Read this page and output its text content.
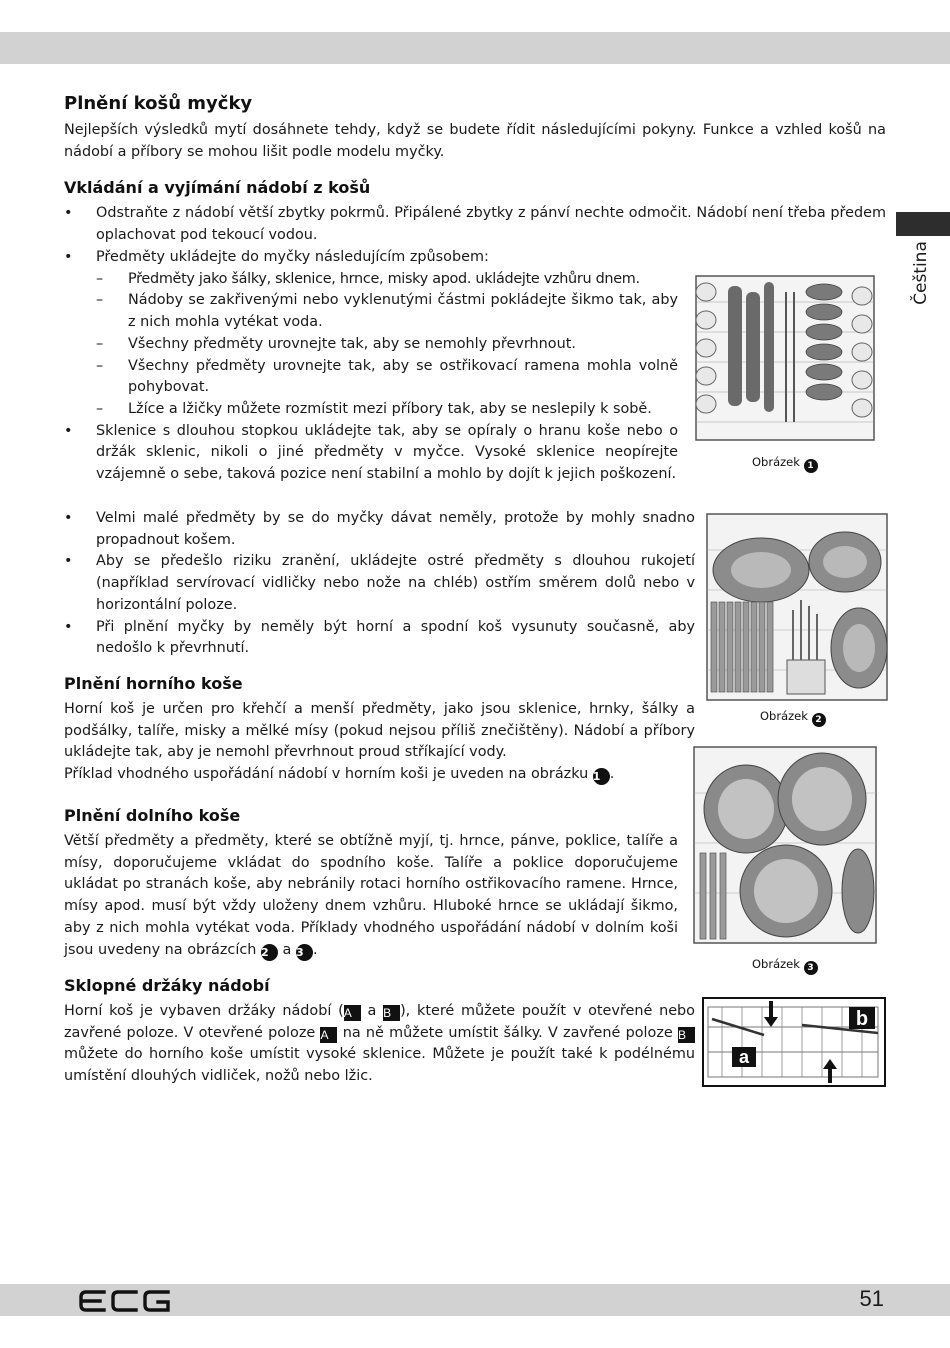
Čeština
Plnění košů myčky
Nejlepších výsledků mytí dosáhnete tehdy, když se budete řídit následujícími pokyny. Funkce a vzhled košů na nádobí a příbory se mohou lišit podle modelu myčky.
Vkládání a vyjímání nádobí z košů
• Odstraňte z nádobí větší zbytky pokrmů. Připálené zbytky z pánví nechte odmočit. Nádobí není třeba předem oplachovat pod tekoucí vodou.
• Předměty ukládejte do myčky následujícím způsobem:
– Předměty jako šálky, sklenice, hrnce, misky apod. ukládejte vzhůru dnem.
– Nádoby se zakřivenými nebo vyklenutými částmi pokládejte šikmo tak, aby z nich mohla vytékat voda.
– Všechny předměty urovnejte tak, aby se nemohly převrhnout.
– Všechny předměty urovnejte tak, aby se ostřikovací ramena mohla volně pohybovat.
– Lžíce a lžičky můžete rozmístit mezi příbory tak, aby se neslepily k sobě.
• Sklenice s dlouhou stopkou ukládejte tak, aby se opíraly o hranu koše nebo o držák sklenic, nikoli o jiné předměty v myčce. Vysoké sklenice neopírejte vzájemně o sebe, taková pozice není stabilní a mohlo by dojít k jejich poškození.
• Velmi malé předměty by se do myčky dávat neměly, protože by mohly snadno propadnout košem.
• Aby se předešlo riziku zranění, ukládejte ostré předměty s dlouhou rukojetí (například servírovací vidličky nebo nože na chléb) ostřím směrem dolů nebo v horizontální poloze.
• Při plnění myčky by neměly být horní a spodní koš vysunuty současně, aby nedošlo k převrhnutí.
Plnění horního koše
Horní koš je určen pro křehčí a menší předměty, jako jsou sklenice, hrnky, šálky a podšálky, talíře, misky a mělké mísy (pokud nejsou příliš znečištěny). Nádobí a příbory ukládejte tak, aby je nemohl převrhnout proud stříkající vody.
Příklad vhodného uspořádání nádobí v horním koši je uveden na obrázku 1 .
Plnění dolního koše
Větší předměty a předměty, které se obtížně myjí, tj. hrnce, pánve, poklice, talíře a mísy, doporučujeme vkládat do spodního koše. Talíře a poklice doporučujeme ukládat po stranách koše, aby nebránily rotaci horního ostřikovacího ramene. Hrnce, mísy apod. musí být vždy uloženy dnem vzhůru. Hluboké hrnce se ukládají šikmo, aby z nich mohla vytékat voda. Příklady vhodného uspořádání nádobí v dolním koši jsou uvedeny na obrázcích 2 a 3 .
Sklopné držáky nádobí
Horní koš je vybaven držáky nádobí (A a B ), které můžete použít v otevřené nebo zavřené poloze. V otevřené poloze A na ně můžete umístit šálky. V zavřené poloze B můžete do horního koše umístit vysoké sklenice. Můžete je použít také k podélnému umístění dlouhých vidliček, nožů nebo lžic.
Obrázek 1
Obrázek 2
Obrázek 3
b
a
51
